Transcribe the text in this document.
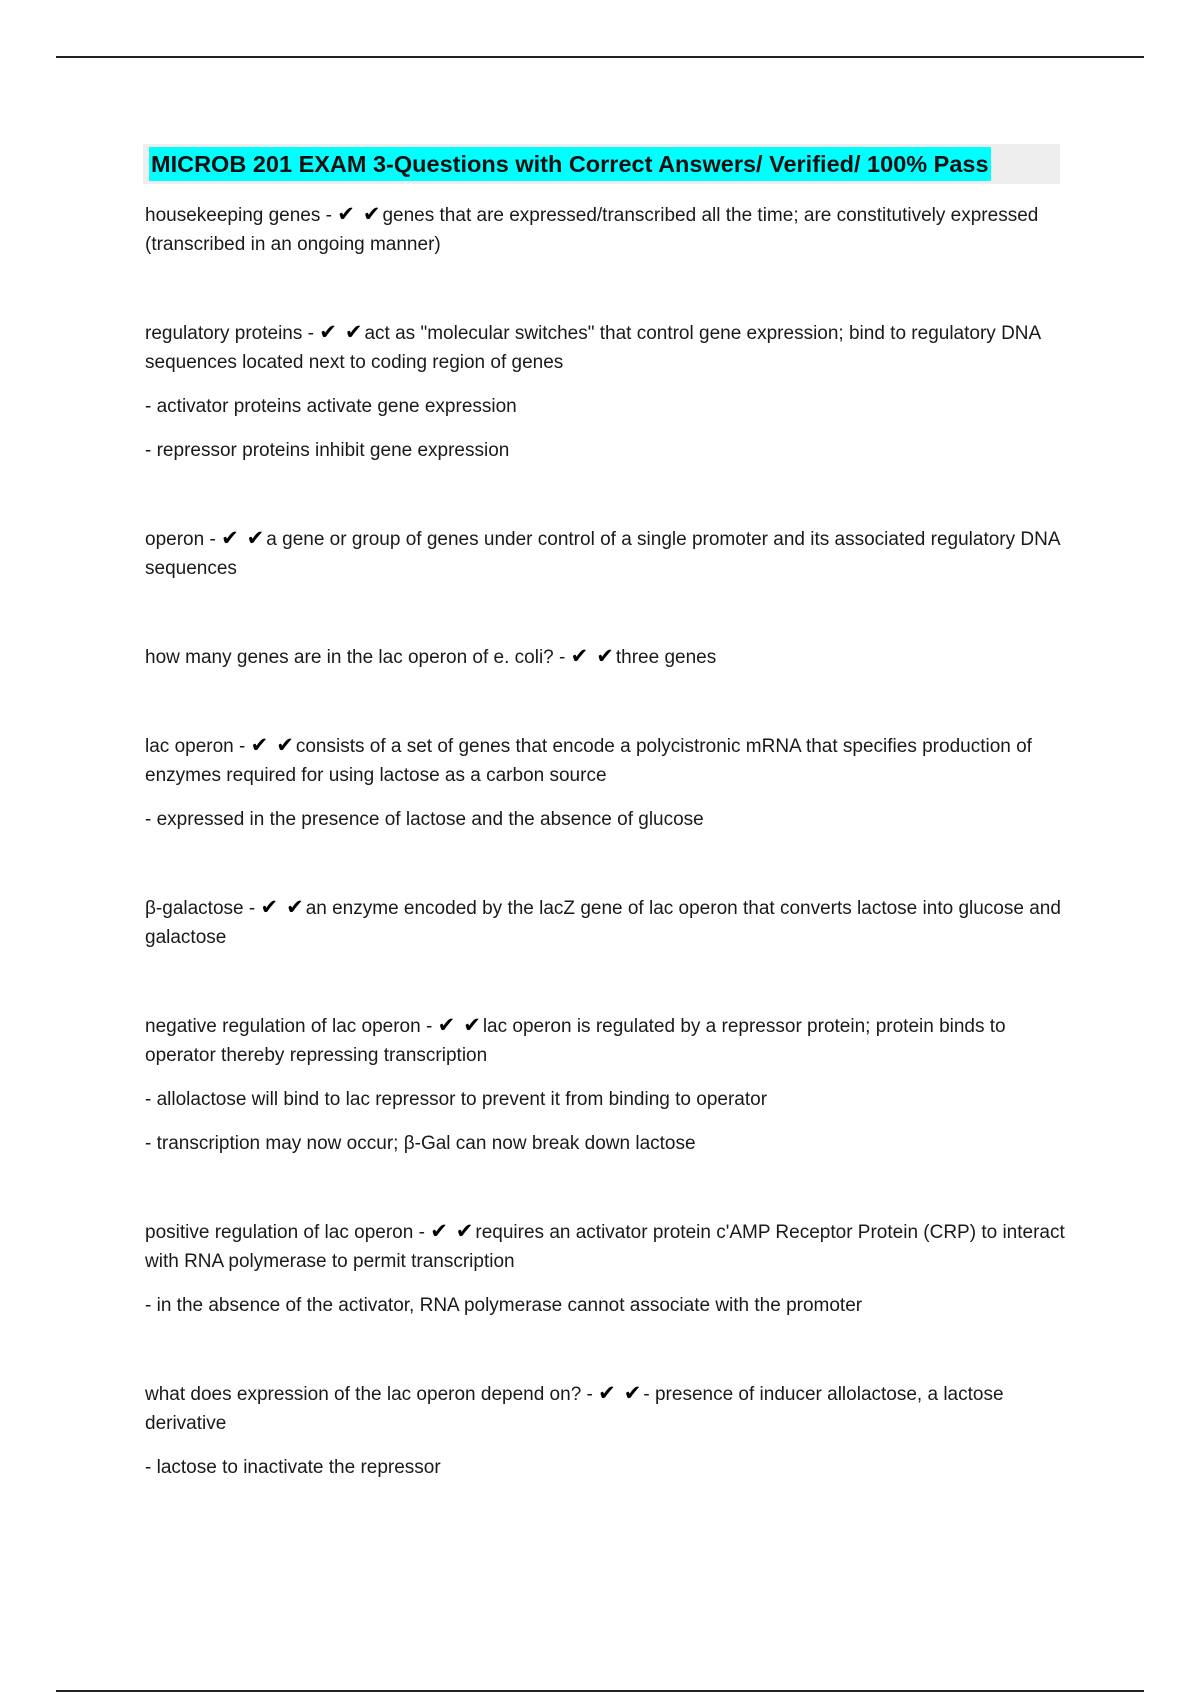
MICROB 201 EXAM 3-Questions with Correct Answers/ Verified/ 100% Pass

housekeeping genes - ✔ ✔ genes that are expressed/transcribed all the time; are constitutively expressed (transcribed in an ongoing manner)

regulatory proteins - ✔ ✔ act as "molecular switches" that control gene expression; bind to regulatory DNA sequences located next to coding region of genes

- activator proteins activate gene expression

- repressor proteins inhibit gene expression

operon - ✔ ✔ a gene or group of genes under control of a single promoter and its associated regulatory DNA sequences

how many genes are in the lac operon of e. coli? - ✔ ✔ three genes

lac operon - ✔ ✔ consists of a set of genes that encode a polycistronic mRNA that specifies production of enzymes required for using lactose as a carbon source

- expressed in the presence of lactose and the absence of glucose

β-galactose - ✔ ✔ an enzyme encoded by the lacZ gene of lac operon that converts lactose into glucose and galactose

negative regulation of lac operon - ✔ ✔ lac operon is regulated by a repressor protein; protein binds to operator thereby repressing transcription

- allolactose will bind to lac repressor to prevent it from binding to operator

- transcription may now occur; β-Gal can now break down lactose

positive regulation of lac operon - ✔ ✔ requires an activator protein c'AMP Receptor Protein (CRP) to interact with RNA polymerase to permit transcription

- in the absence of the activator, RNA polymerase cannot associate with the promoter

what does expression of the lac operon depend on? - ✔ ✔ - presence of inducer allolactose, a lactose derivative

- lactose to inactivate the repressor
